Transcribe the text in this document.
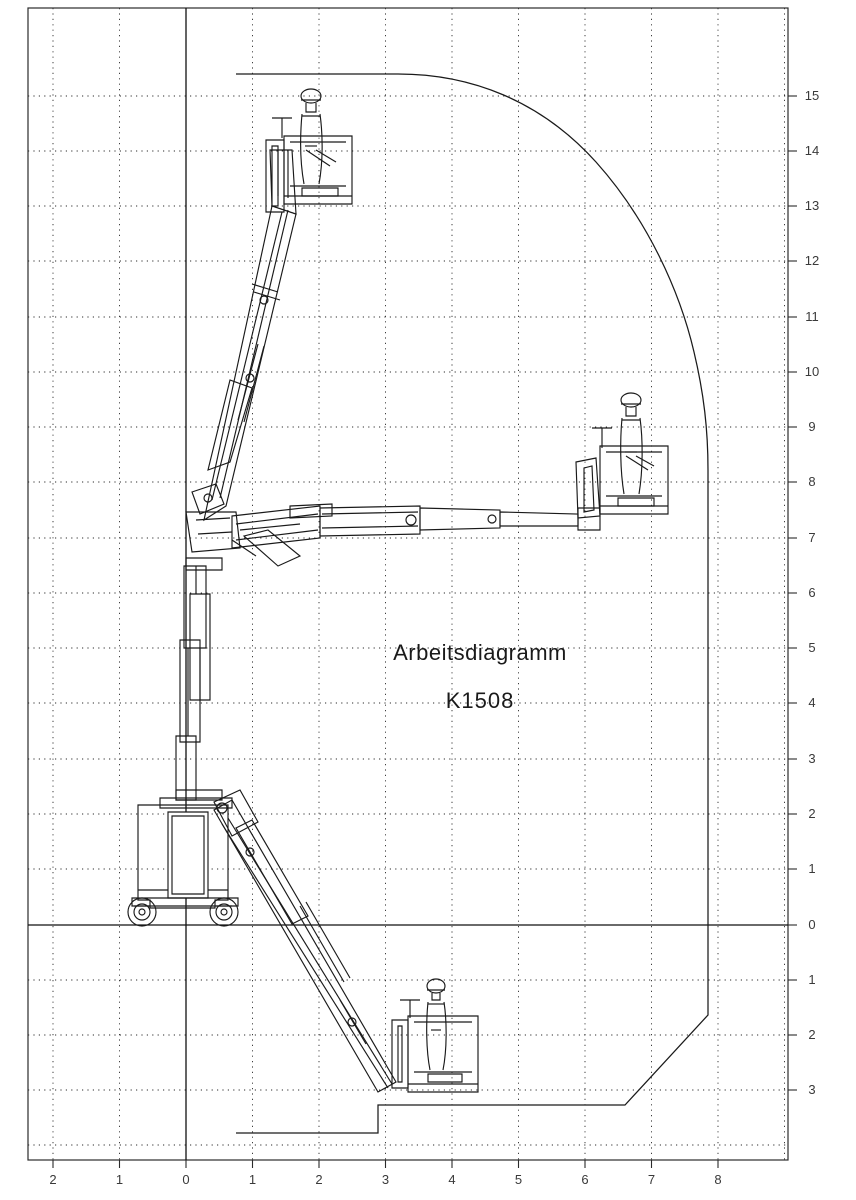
Arbeitsdiagramm
K1508
15
14
13
12
11
10
9
8
7
6
5
4
3
2
1
0
1
2
3
2	1	0	1	2	3	4	5	6	7	8
